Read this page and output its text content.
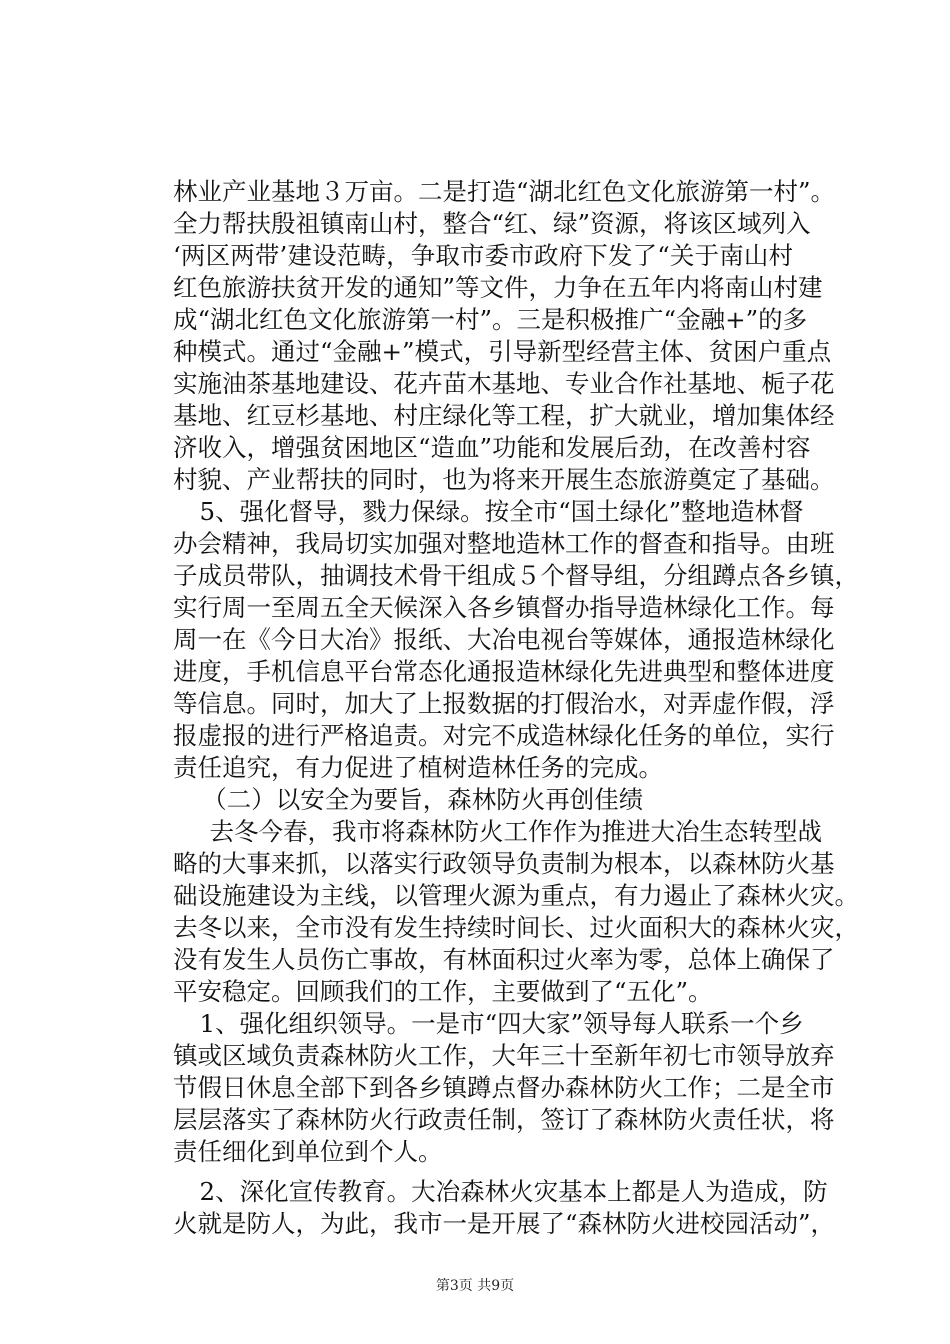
林业产业基地３万亩。二是打造“湖北红色文化旅游第一村”。
全力帮扶殷祖镇南山村，整合“红、绿”资源，将该区域列入
‘两区两带’建设范畴，争取市委市政府下发了“关于南山村
红色旅游扶贫开发的通知”等文件，力争在五年内将南山村建
成“湖北红色文化旅游第一村”。三是积极推广“金融+”的多
种模式。通过“金融+”模式，引导新型经营主体、贫困户重点
实施油茶基地建设、花卉苗木基地、专业合作社基地、栀子花
基地、红豆杉基地、村庄绿化等工程，扩大就业，增加集体经
济收入，增强贫困地区“造血”功能和发展后劲，在改善村容
村貌、产业帮扶的同时，也为将来开展生态旅游奠定了基础。
　5、强化督导，戮力保绿。按全市“国土绿化”整地造林督
办会精神，我局切实加强对整地造林工作的督查和指导。由班
子成员带队，抽调技术骨干组成５个督导组，分组蹲点各乡镇，
实行周一至周五全天候深入各乡镇督办指导造林绿化工作。每
周一在《今日大冶》报纸、大冶电视台等媒体，通报造林绿化
进度，手机信息平台常态化通报造林绿化先进典型和整体进度
等信息。同时，加大了上报数据的打假治水，对弄虚作假，浮
报虚报的进行严格追责。对完不成造林绿化任务的单位，实行
责任追究，有力促进了植树造林任务的完成。
　（二）以安全为要旨，森林防火再创佳绩
　去冬今春，我市将森林防火工作作为推进大冶生态转型战
略的大事来抓，以落实行政领导负责制为根本，以森林防火基
础设施建设为主线，以管理火源为重点，有力遏止了森林火灾。
去冬以来，全市没有发生持续时间长、过火面积大的森林火灾，
没有发生人员伤亡事故，有林面积过火率为零，总体上确保了
平安稳定。回顾我们的工作，主要做到了“五化”。
　1、强化组织领导。一是市“四大家”领导每人联系一个乡
镇或区域负责森林防火工作，大年三十至新年初七市领导放弃
节假日休息全部下到各乡镇蹲点督办森林防火工作；二是全市
层层落实了森林防火行政责任制，签订了森林防火责任状，将
责任细化到单位到个人。
　2、深化宣传教育。大冶森林火灾基本上都是人为造成，防
火就是防人，为此，我市一是开展了“森林防火进校园活动”，
第3页 共9页
